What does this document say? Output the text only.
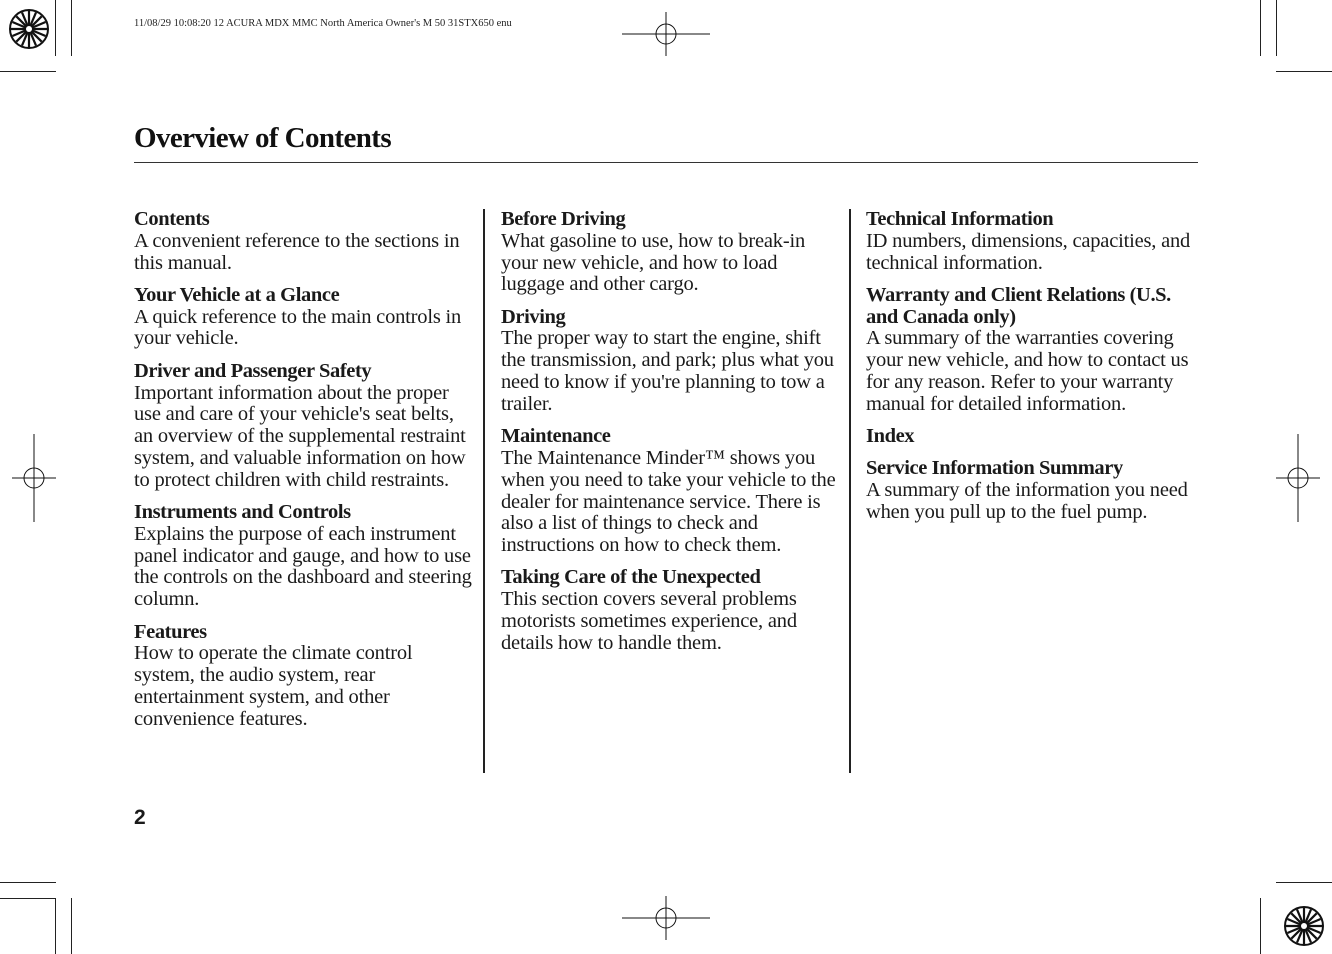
11/08/29 10:08:20 12 ACURA MDX MMC North America Owner's M 50 31STX650 enu
Overview of Contents
Contents
A convenient reference to the sections in this manual.
Your Vehicle at a Glance
A quick reference to the main controls in your vehicle.
Driver and Passenger Safety
Important information about the proper use and care of your vehicle's seat belts, an overview of the supplemental restraint system, and valuable information on how to protect children with child restraints.
Instruments and Controls
Explains the purpose of each instrument panel indicator and gauge, and how to use the controls on the dashboard and steering column.
Features
How to operate the climate control system, the audio system, rear entertainment system, and other convenience features.
Before Driving
What gasoline to use, how to break-in your new vehicle, and how to load luggage and other cargo.
Driving
The proper way to start the engine, shift the transmission, and park; plus what you need to know if you're planning to tow a trailer.
Maintenance
The Maintenance Minder™ shows you when you need to take your vehicle to the dealer for maintenance service. There is also a list of things to check and instructions on how to check them.
Taking Care of the Unexpected
This section covers several problems motorists sometimes experience, and details how to handle them.
Technical Information
ID numbers, dimensions, capacities, and technical information.
Warranty and Client Relations (U.S. and Canada only)
A summary of the warranties covering your new vehicle, and how to contact us for any reason. Refer to your warranty manual for detailed information.
Index
Service Information Summary
A summary of the information you need when you pull up to the fuel pump.
2
